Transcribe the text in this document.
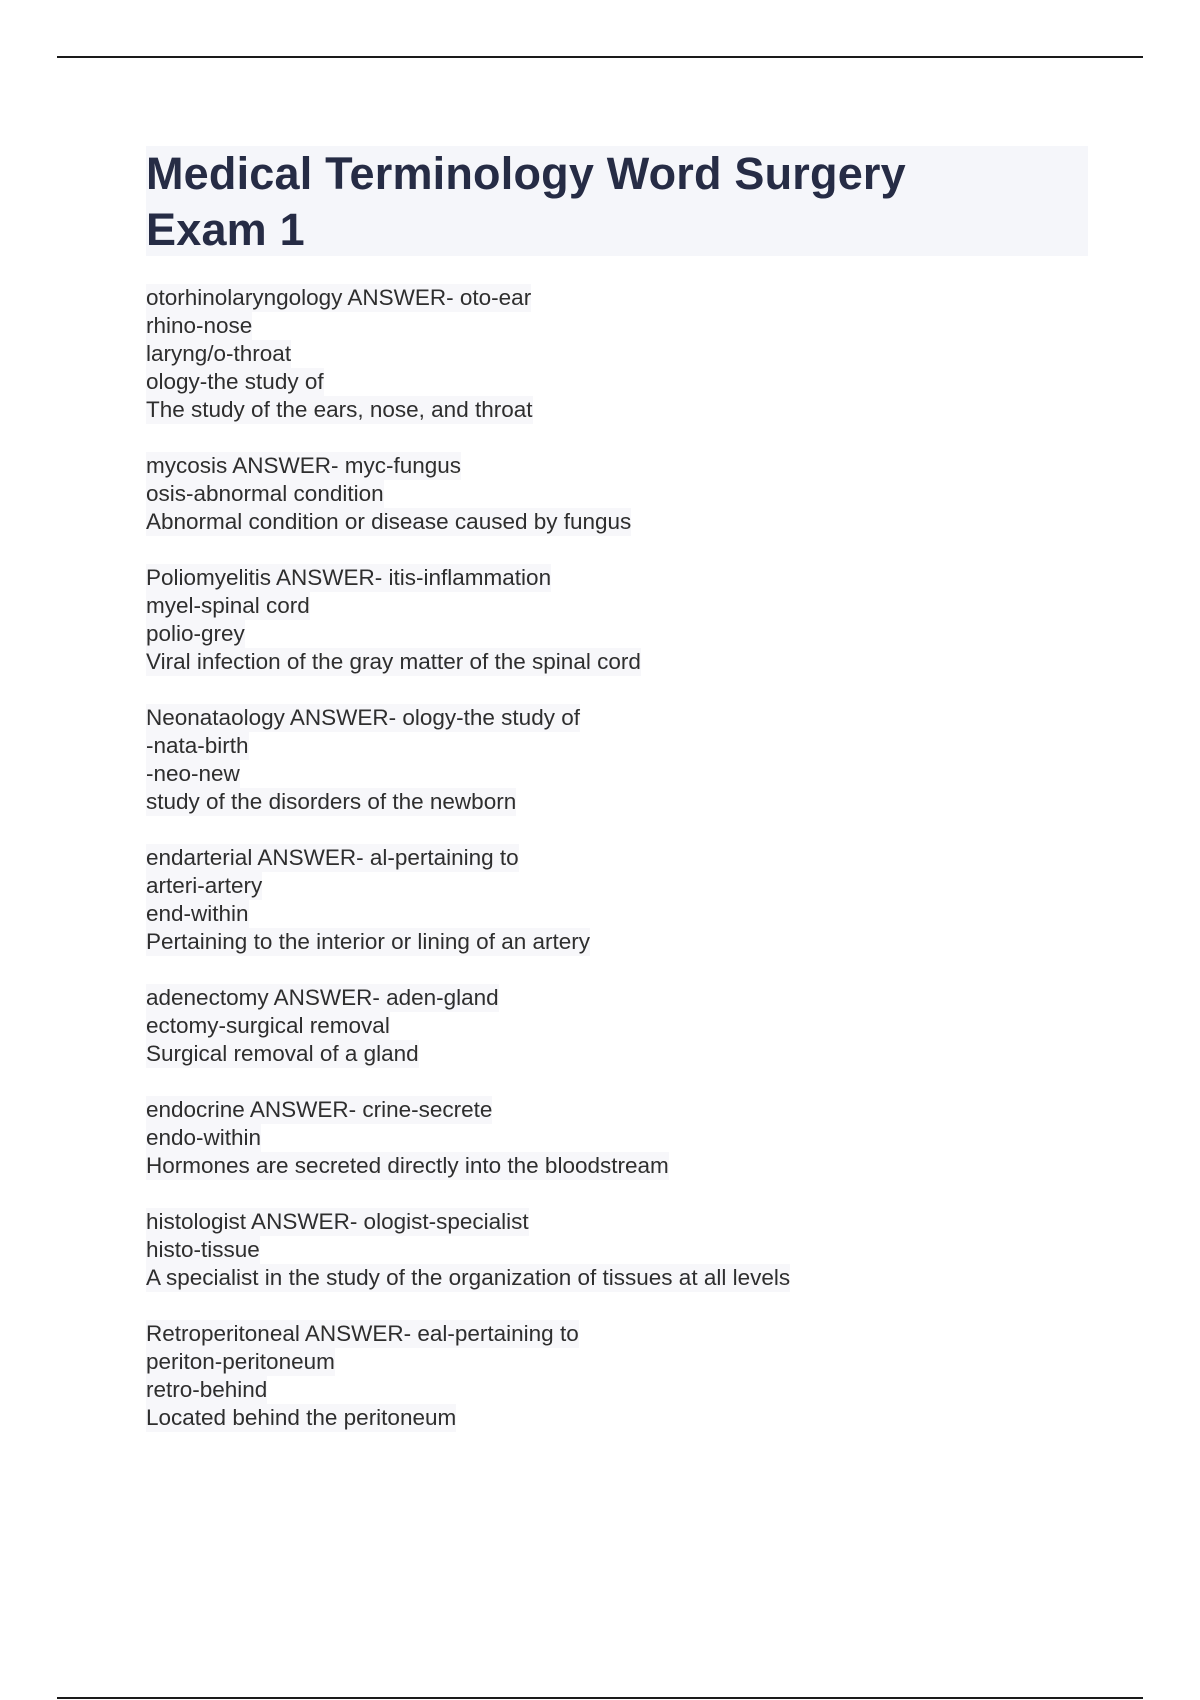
Medical Terminology Word Surgery
Exam 1
otorhinolaryngology ANSWER- oto-ear
rhino-nose
laryng/o-throat
ology-the study of
The study of the ears, nose, and throat
mycosis ANSWER- myc-fungus
osis-abnormal condition
Abnormal condition or disease caused by fungus
Poliomyelitis ANSWER- itis-inflammation
myel-spinal cord
polio-grey
Viral infection of the gray matter of the spinal cord
Neonataology ANSWER- ology-the study of
-nata-birth
-neo-new
study of the disorders of the newborn
endarterial ANSWER- al-pertaining to
arteri-artery
end-within
Pertaining to the interior or lining of an artery
adenectomy ANSWER- aden-gland
ectomy-surgical removal
Surgical removal of a gland
endocrine ANSWER- crine-secrete
endo-within
Hormones are secreted directly into the bloodstream
histologist ANSWER- ologist-specialist
histo-tissue
A specialist in the study of the organization of tissues at all levels
Retroperitoneal ANSWER- eal-pertaining to
periton-peritoneum
retro-behind
Located behind the peritoneum
